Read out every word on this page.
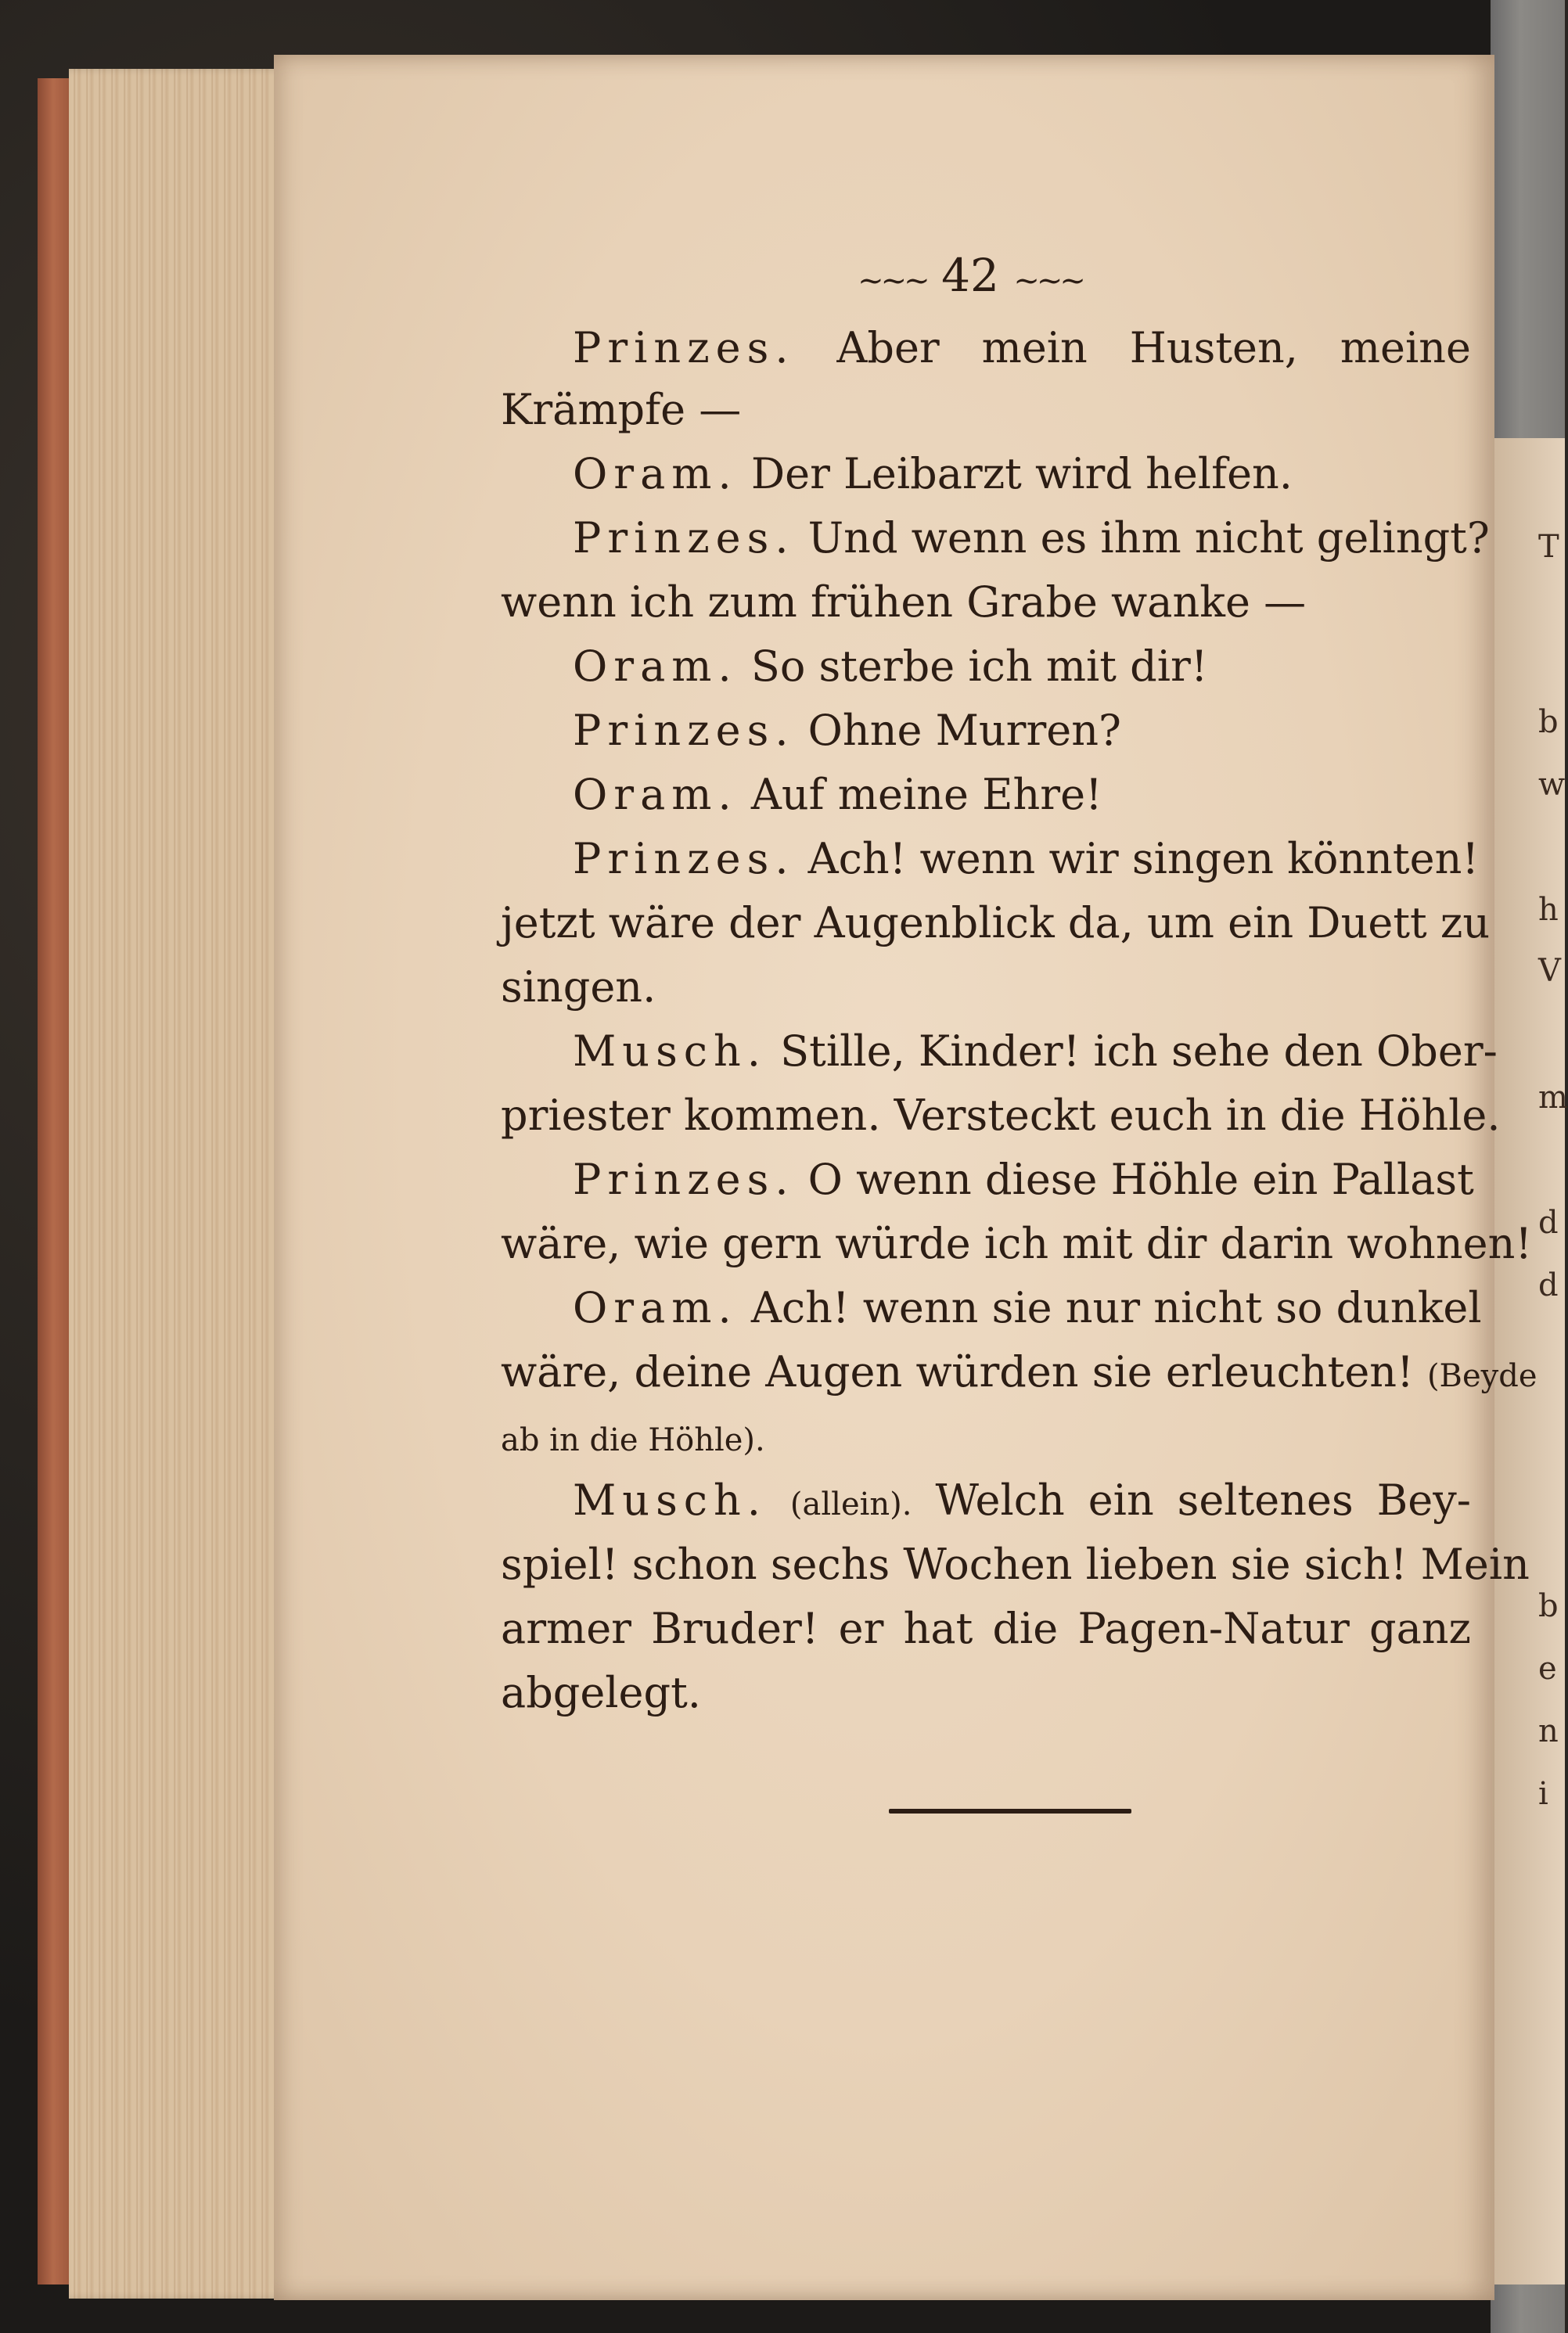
T
b
w
h
V
m
d
d
b
e
n
i
~~~ 42 ~~~
Prinzes. Aber mein Husten, meine
Krämpfe —
Oram. Der Leibarzt wird helfen.
Prinzes. Und wenn es ihm nicht gelingt?
wenn ich zum frühen Grabe wanke —
Oram. So sterbe ich mit dir!
Prinzes. Ohne Murren?
Oram. Auf meine Ehre!
Prinzes. Ach! wenn wir singen könnten!
jetzt wäre der Augenblick da, um ein Duett zu
singen.
Musch. Stille, Kinder! ich sehe den Ober-
priester kommen. Versteckt euch in die Höhle.
Prinzes. O wenn diese Höhle ein Pallast
wäre, wie gern würde ich mit dir darin wohnen!
Oram. Ach! wenn sie nur nicht so dunkel
wäre, deine Augen würden sie erleuchten! (Beyde
ab in die Höhle).
Musch. (allein). Welch ein seltenes Bey-
spiel! schon sechs Wochen lieben sie sich! Mein
armer Bruder! er hat die Pagen-Natur ganz
abgelegt.
